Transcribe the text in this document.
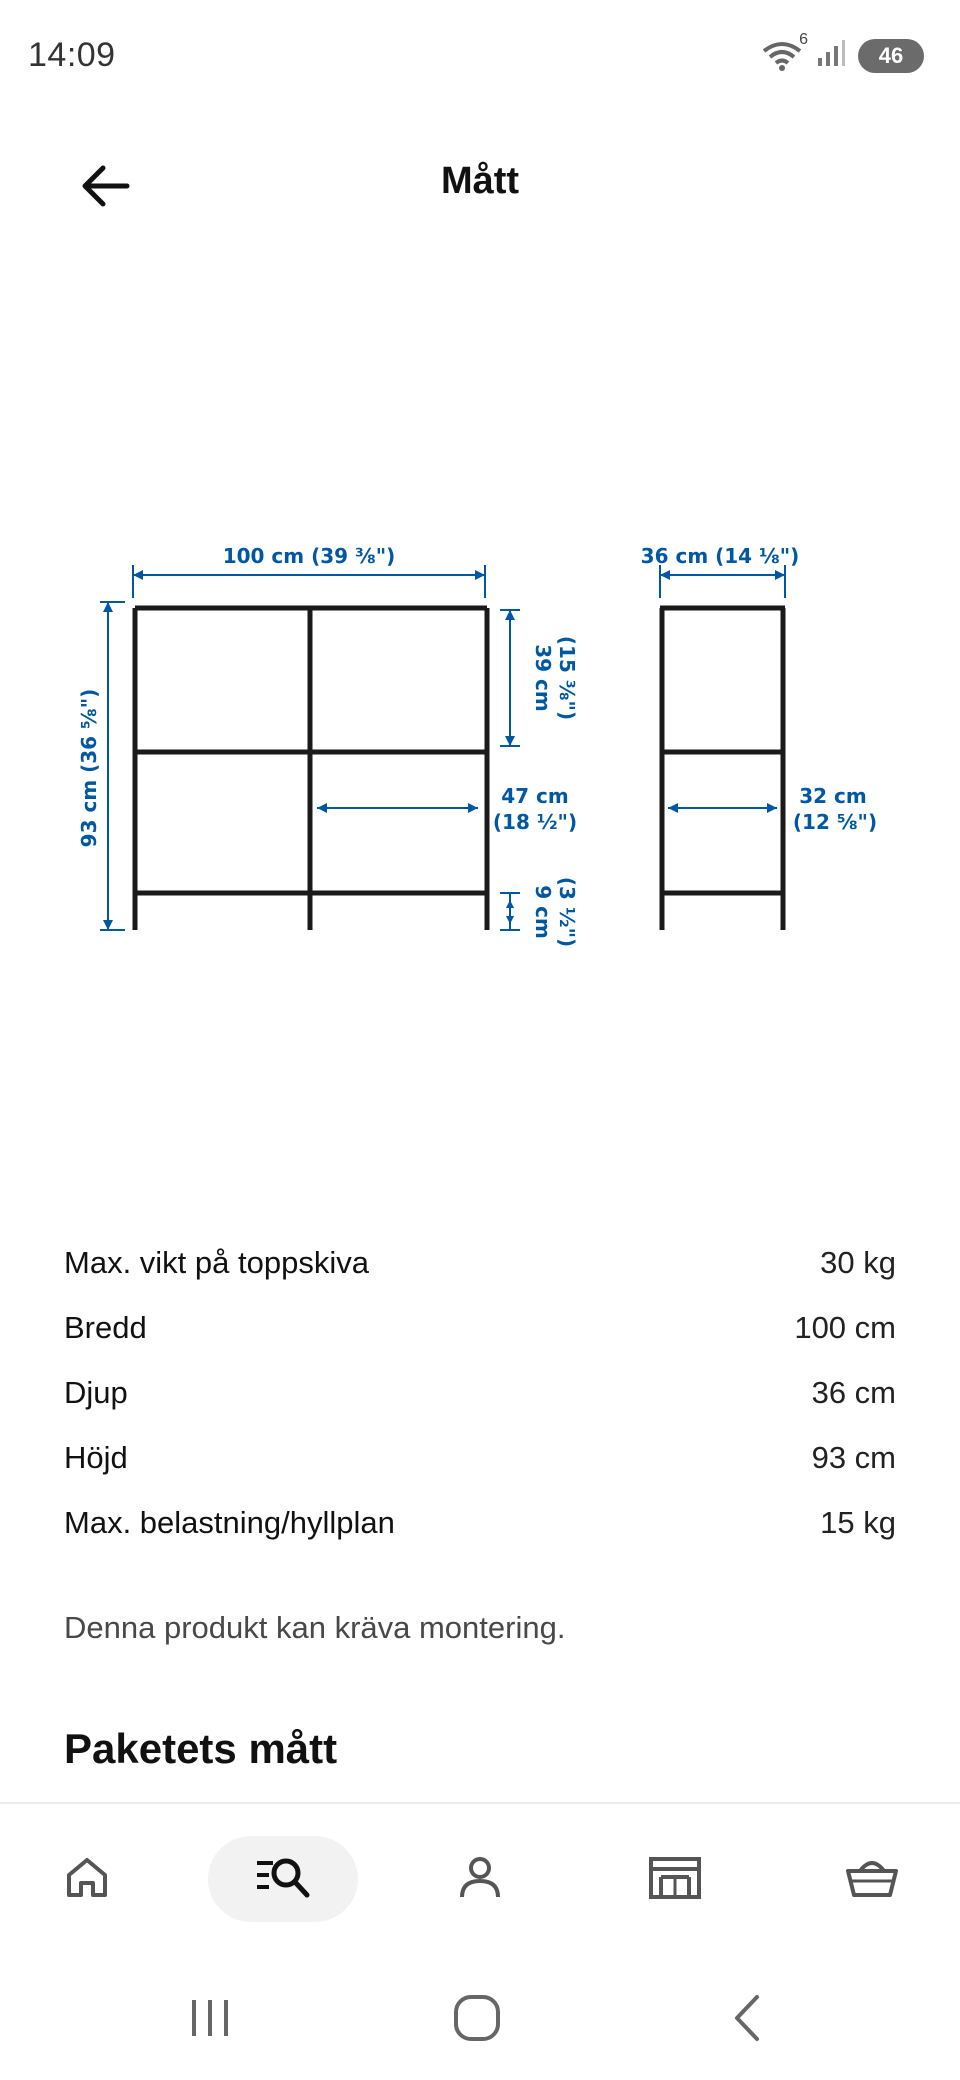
14:09	6
46
Mått
100 cm (39 ⅜")
93 cm (36 ⅝")
39 cm (15 ⅜")
47 cm
(18 ½")
9 cm (3 ½")
36 cm (14 ⅛")
32 cm
(12 ⅝")
Max. vikt på toppskiva	30 kg
Bredd	100 cm
Djup	36 cm
Höjd	93 cm
Max. belastning/hyllplan	15 kg
Denna produkt kan kräva montering.
Paketets mått
